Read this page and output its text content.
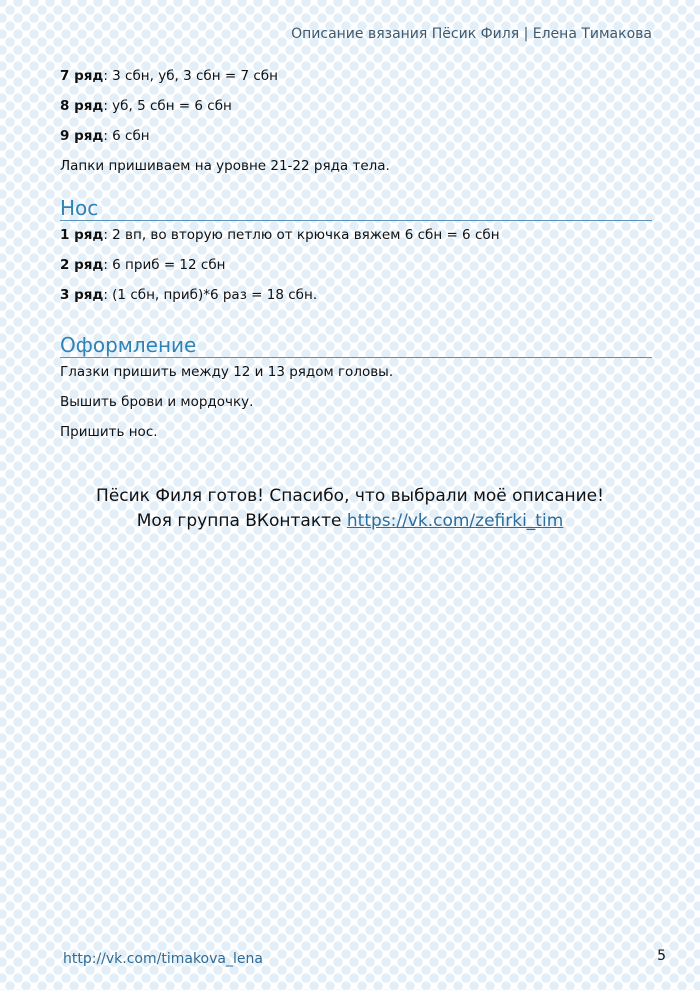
Описание вязания Пёсик Филя | Елена Тимакова

7 ряд: 3 сбн, уб, 3 сбн = 7 сбн

8 ряд: уб, 5 сбн = 6 сбн

9 ряд: 6 сбн

Лапки пришиваем на уровне 21-22 ряда тела.

Нос

1 ряд: 2 вп, во вторую петлю от крючка вяжем 6 сбн = 6 сбн

2 ряд: 6 приб = 12 сбн

3 ряд: (1 сбн, приб)*6 раз = 18 сбн.

Оформление

Глазки пришить между 12 и 13 рядом головы.

Вышить брови и мордочку.

Пришить нос.

Пёсик Филя готов! Спасибо, что выбрали моё описание!
Моя группа ВКонтакте https://vk.com/zefirki_tim
http://vk.com/timakova_lena	5
